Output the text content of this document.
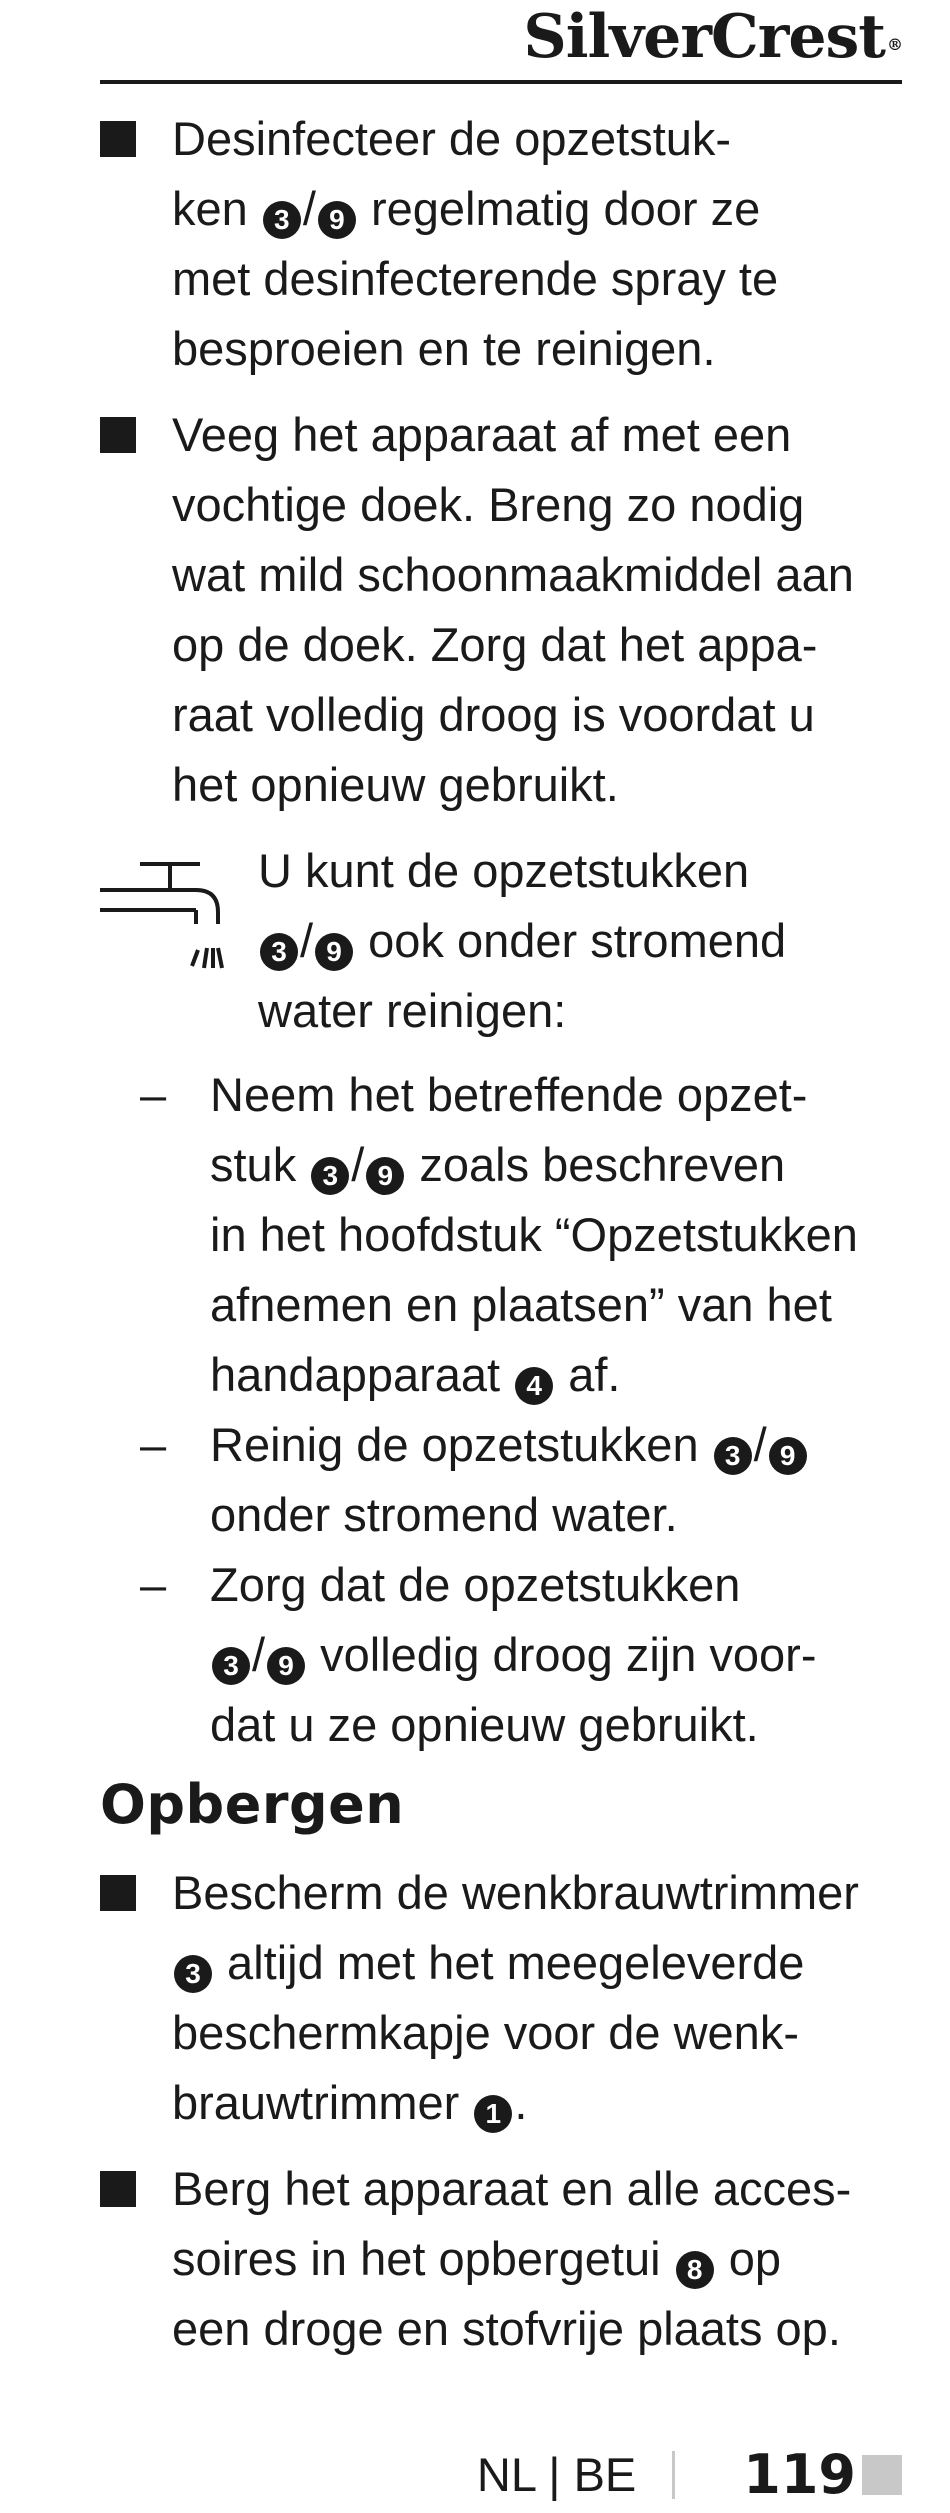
SilverCrest ®
Desinfecteer de opzetstuk-
ken 3 / 9 regelmatig door ze
met desinfecterende spray te
besproeien en te reinigen.
Veeg het apparaat af met een
vochtige doek. Breng zo nodig
wat mild schoonmaakmiddel aan
op de doek. Zorg dat het appa-
raat volledig droog is voordat u
het opnieuw gebruikt.
U kunt de opzetstukken
3 / 9 ook onder stromend
water reinigen:
– Neem het betreffende opzet-
stuk 3 / 9 zoals beschreven
in het hoofdstuk “Opzetstukken
afnemen en plaatsen” van het
handapparaat 4 af.
– Reinig de opzetstukken 3 / 9
onder stromend water.
– Zorg dat de opzetstukken
3 / 9 volledig droog zijn voor-
dat u ze opnieuw gebruikt.
Opbergen
Bescherm de wenkbrauwtrimmer
3 altijd met het meegeleverde
beschermkapje voor de wenk-
brauwtrimmer 1 .
Berg het apparaat en alle acces-
soires in het opbergetui 8 op
een droge en stofvrije plaats op.
NL | BE 119
